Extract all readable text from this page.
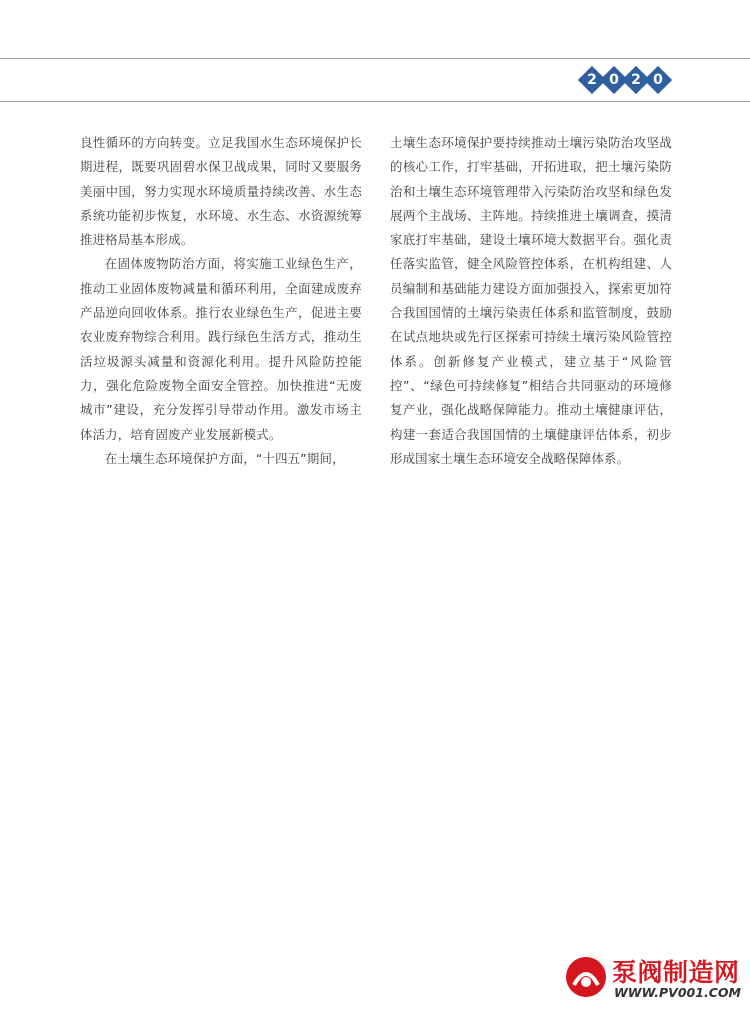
2 0 2 0

良性循环的方向转变。立足我国水生态环境保护长期进程，既要巩固碧水保卫战成果，同时又要服务美丽中国，努力实现水环境质量持续改善、水生态系统功能初步恢复，水环境、水生态、水资源统筹推进格局基本形成。

在固体废物防治方面，将实施工业绿色生产，推动工业固体废物减量和循环利用，全面建成废弃产品逆向回收体系。推行农业绿色生产，促进主要农业废弃物综合利用。践行绿色生活方式，推动生活垃圾源头减量和资源化利用。提升风险防控能力，强化危险废物全面安全管控。加快推进“无废城市”建设，充分发挥引导带动作用。激发市场主体活力，培育固废产业发展新模式。

在土壤生态环境保护方面，“十四五”期间，

土壤生态环境保护要持续推动土壤污染防治攻坚战的核心工作，打牢基础，开拓进取，把土壤污染防治和土壤生态环境管理带入污染防治攻坚和绿色发展两个主战场、主阵地。持续推进土壤调查，摸清家底打牢基础，建设土壤环境大数据平台。强化责任落实监管，健全风险管控体系，在机构组建、人员编制和基础能力建设方面加强投入，探索更加符合我国国情的土壤污染责任体系和监管制度，鼓励在试点地块或先行区探索可持续土壤污染风险管控体系。创新修复产业模式，建立基于“风险管控”、“绿色可持续修复”相结合共同驱动的环境修复产业，强化战略保障能力。推动土壤健康评估，构建一套适合我国国情的土壤健康评估体系，初步形成国家土壤生态环境安全战略保障体系。

泵阀制造网
WWW.PV001.COM
